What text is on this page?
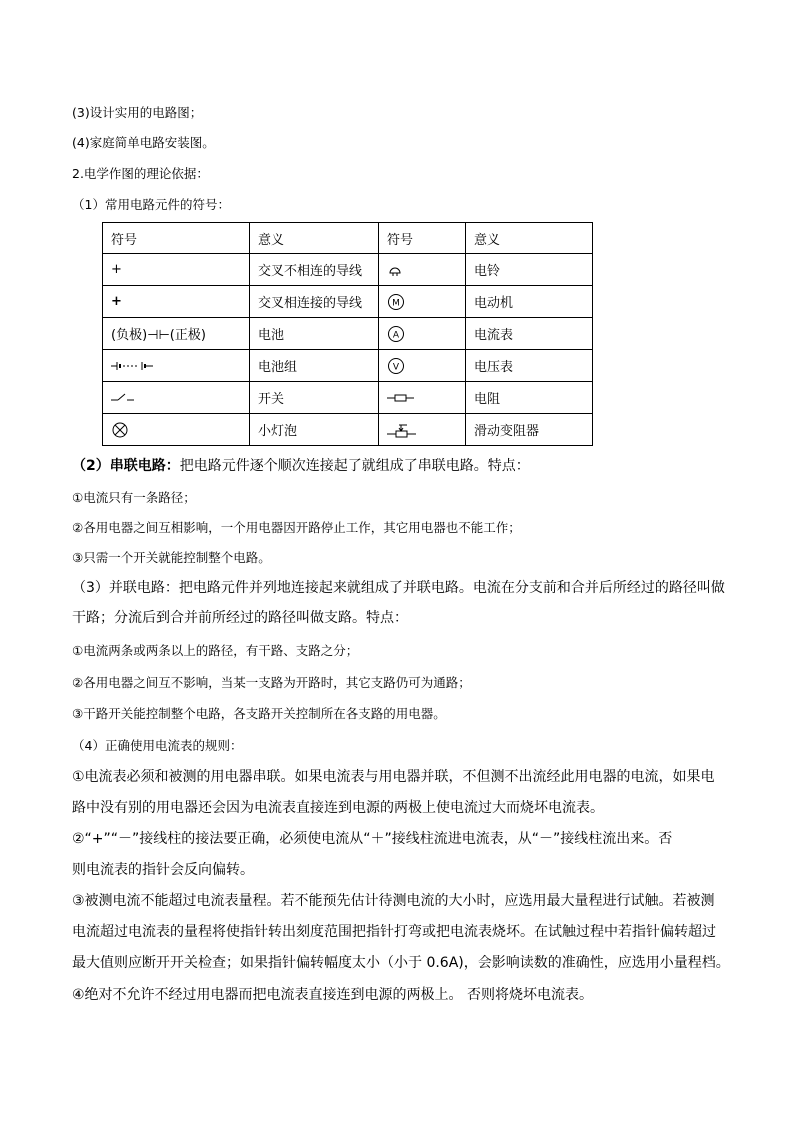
(3)设计实用的电路图；
(4)家庭简单电路安装图。
2.电学作图的理论依据：
（1）常用电路元件的符号：
符号	意义	符号	意义
+	交叉不相连的导线		电铃
+	交叉相连接的导线	M	电动机
(负极)⊣⊢(正极)	电池	A	电流表

	电池组	V	电压表

	开关		电阻

	小灯泡		滑动变阻器
（2）串联电路：把电路元件逐个顺次连接起了就组成了串联电路。特点：
①电流只有一条路径；
②各用电器之间互相影响，一个用电器因开路停止工作，其它用电器也不能工作；
③只需一个开关就能控制整个电路。
（3）并联电路：把电路元件并列地连接起来就组成了并联电路。电流在分支前和合并后所经过的路径叫做
干路；分流后到合并前所经过的路径叫做支路。特点：
①电流两条或两条以上的路径，有干路、支路之分；
②各用电器之间互不影响，当某一支路为开路时，其它支路仍可为通路；
③干路开关能控制整个电路，各支路开关控制所在各支路的用电器。
（4）正确使用电流表的规则：
①电流表必须和被测的用电器串联。如果电流表与用电器并联，不但测不出流经此用电器的电流，如果电
路中没有别的用电器还会因为电流表直接连到电源的两极上使电流过大而烧坏电流表。
②“+”“－”接线柱的接法要正确，必须使电流从“＋”接线柱流进电流表，从“－”接线柱流出来。否
则电流表的指针会反向偏转。
③被测电流不能超过电流表量程。若不能预先估计待测电流的大小时，应选用最大量程进行试触。若被测
电流超过电流表的量程将使指针转出刻度范围把指针打弯或把电流表烧坏。在试触过程中若指针偏转超过
最大值则应断开开关检查；如果指针偏转幅度太小（小于 0.6A)，会影响读数的准确性，应选用小量程档。
④绝对不允许不经过用电器而把电流表直接连到电源的两极上。 否则将烧坏电流表。
